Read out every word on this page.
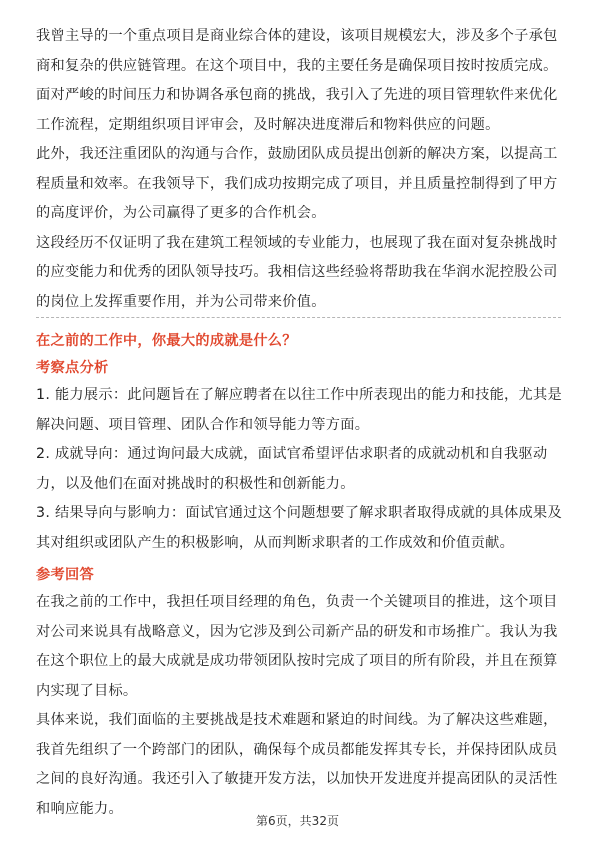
我曾主导的一个重点项目是商业综合体的建设，该项目规模宏大，涉及多个子承包
商和复杂的供应链管理。在这个项目中，我的主要任务是确保项目按时按质完成。
面对严峻的时间压力和协调各承包商的挑战，我引入了先进的项目管理软件来优化
工作流程，定期组织项目评审会，及时解决进度滞后和物料供应的问题。
此外，我还注重团队的沟通与合作，鼓励团队成员提出创新的解决方案，以提高工
程质量和效率。在我领导下，我们成功按期完成了项目，并且质量控制得到了甲方
的高度评价，为公司赢得了更多的合作机会。
这段经历不仅证明了我在建筑工程领域的专业能力，也展现了我在面对复杂挑战时
的应变能力和优秀的团队领导技巧。我相信这些经验将帮助我在华润水泥控股公司
的岗位上发挥重要作用，并为公司带来价值。
在之前的工作中，你最大的成就是什么？
考察点分析
1. 能力展示：此问题旨在了解应聘者在以往工作中所表现出的能力和技能，尤其是
解决问题、项目管理、团队合作和领导能力等方面。
2. 成就导向：通过询问最大成就，面试官希望评估求职者的成就动机和自我驱动
力，以及他们在面对挑战时的积极性和创新能力。
3. 结果导向与影响力：面试官通过这个问题想要了解求职者取得成就的具体成果及
其对组织或团队产生的积极影响，从而判断求职者的工作成效和价值贡献。
参考回答
在我之前的工作中，我担任项目经理的角色，负责一个关键项目的推进，这个项目
对公司来说具有战略意义，因为它涉及到公司新产品的研发和市场推广。我认为我
在这个职位上的最大成就是成功带领团队按时完成了项目的所有阶段，并且在预算
内实现了目标。
具体来说，我们面临的主要挑战是技术难题和紧迫的时间线。为了解决这些难题，
我首先组织了一个跨部门的团队，确保每个成员都能发挥其专长，并保持团队成员
之间的良好沟通。我还引入了敏捷开发方法，以加快开发进度并提高团队的灵活性
和响应能力。
第6页，共32页
